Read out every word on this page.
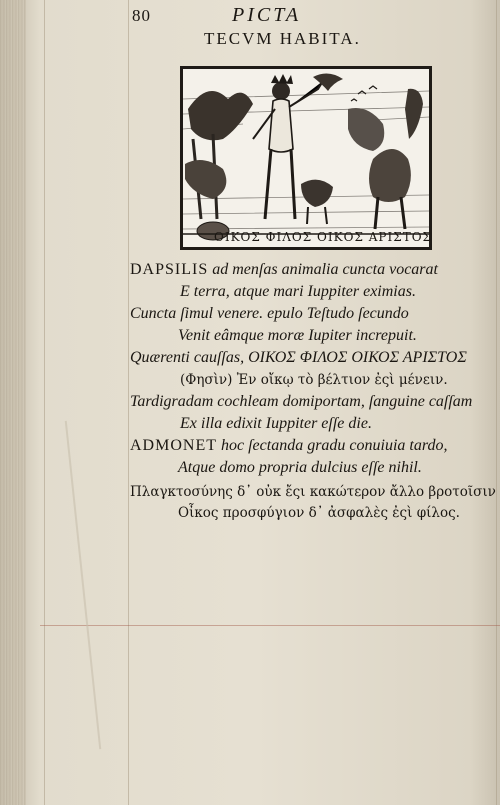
80	PICTA
TECVM HABITA.
ΟΙΚΟΣ ΦΙΛΟΣ ΟΙΚΟΣ ΑΡΙΣΤΟΣ
DAPSILIS ad menſas animalia cuncta vocarat
E terra, atque mari Iuppiter eximias.
Cuncta ſimul venere. epulo Teſtudo ſecundo
Venit eâmque moræ Iupiter increpuit.
Quærenti cauſſas, ΟΙΚΟΣ ΦΙΛΟΣ ΟΙΚΟΣ ΑΡΙΣΤΟΣ
(Φησὶν) Ἐν οἴκῳ τὸ βέλτιον ἐςὶ μένειν.
Tardigradam cochleam domiportam, ſanguine caſſam
Ex illa edixit Iuppiter eſſe die.
ADMONET hoc ſectanda gradu conuiuia tardo,
Atque domo propria dulcius eſſe nihil.
Πλαγκτοσύνης δ᾽ οὐκ ἔςι κακώτερον ἄλλο βροτοῖσιν
Οἶκος προσφύγιον δ᾽ ἀσφαλὲς ἐςὶ φίλος.
